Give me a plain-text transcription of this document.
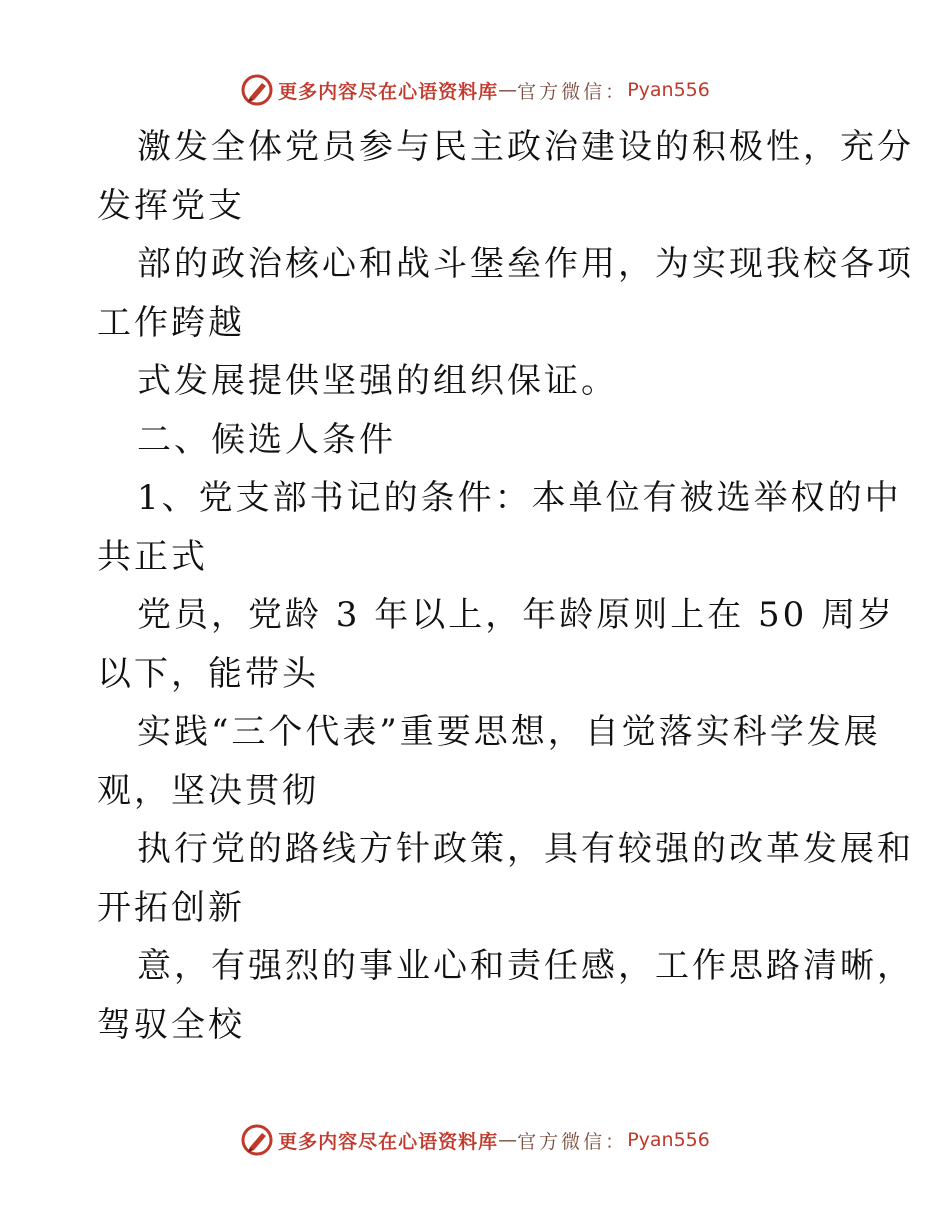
更多内容尽在心语资料库 — 官方微信： Pyan556
激发全体党员参与民主政治建设的积极性，充分
发挥党支
部的政治核心和战斗堡垒作用，为实现我校各项
工作跨越
式发展提供坚强的组织保证。
二、候选人条件
1、党支部书记的条件：本单位有被选举权的中
共正式
党员，党龄 3 年以上，年龄原则上在 50 周岁
以下，能带头
实践“三个代表”重要思想，自觉落实科学发展
观，坚决贯彻
执行党的路线方针政策，具有较强的改革发展和
开拓创新
意，有强烈的事业心和责任感，工作思路清晰，
驾驭全校
更多内容尽在心语资料库 — 官方微信： Pyan556
